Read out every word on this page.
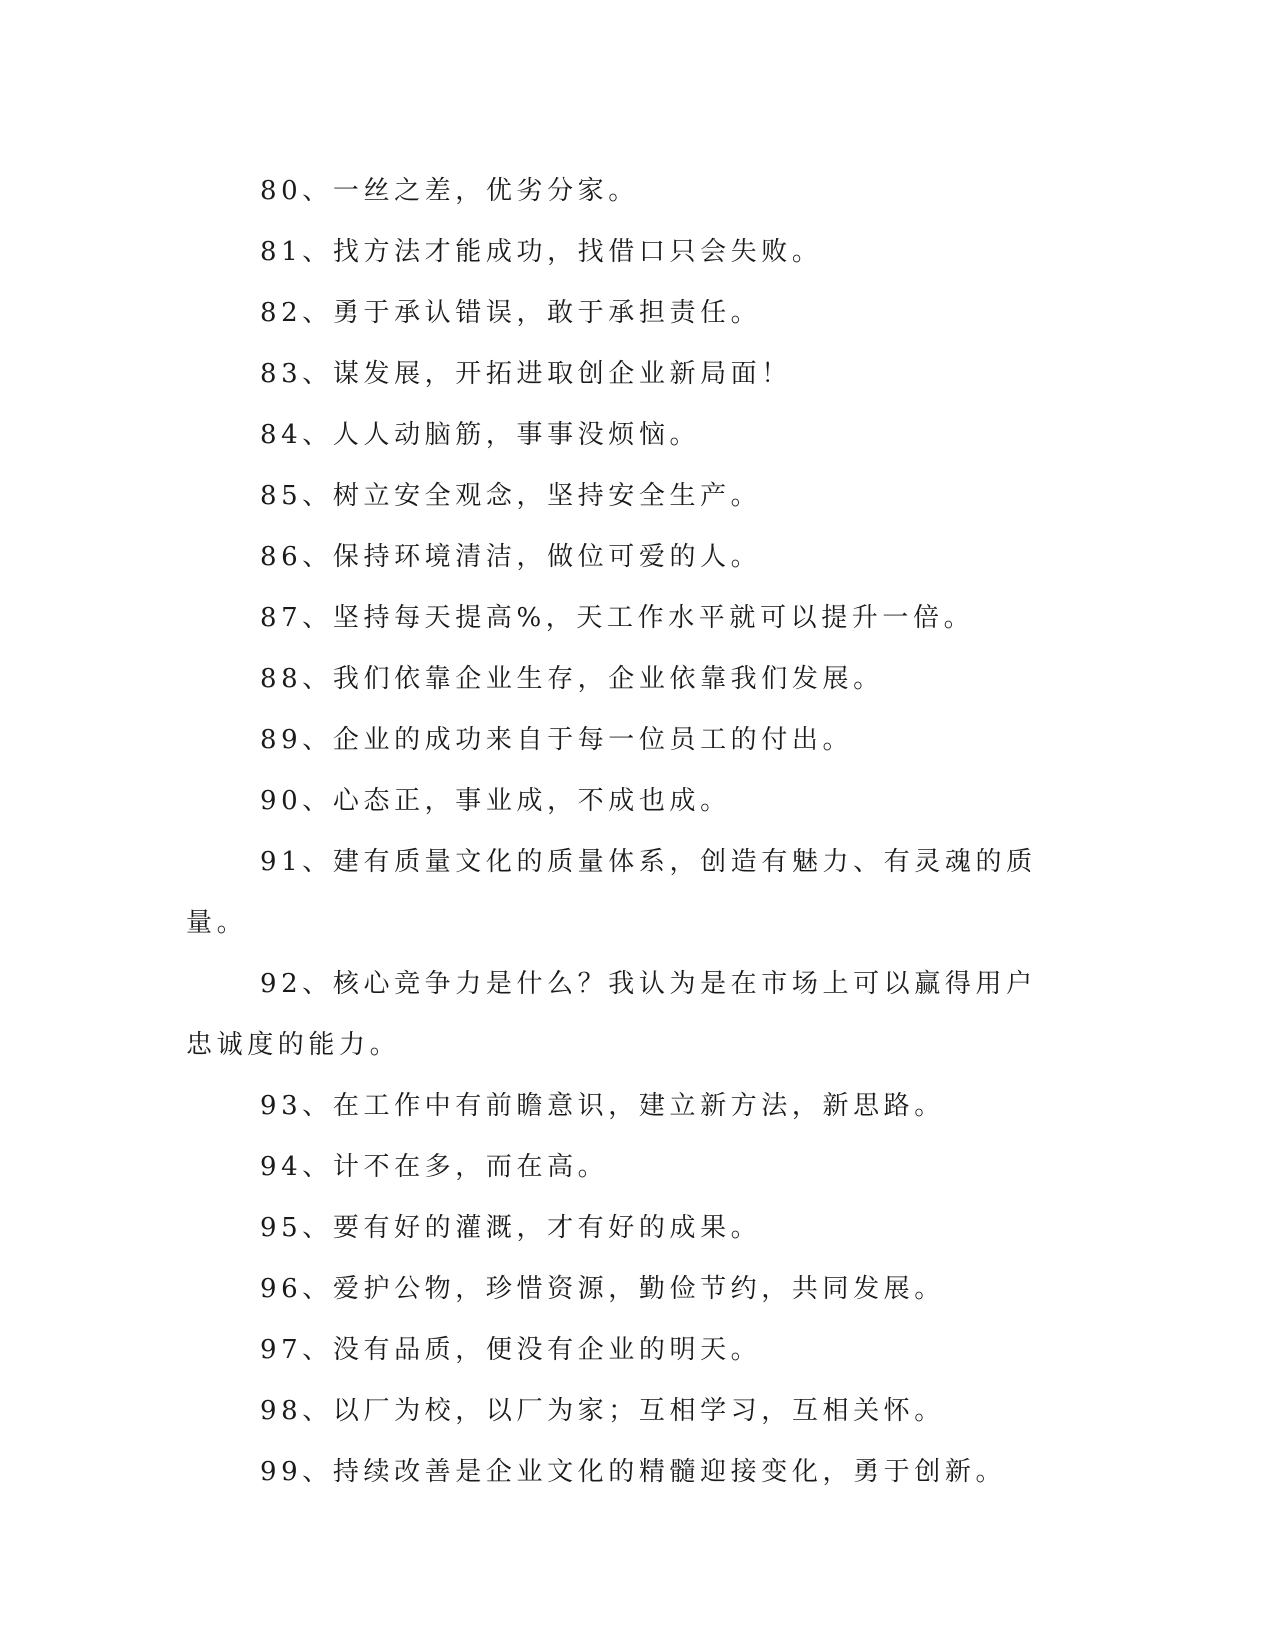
80、一丝之差，优劣分家。

81、找方法才能成功，找借口只会失败。

82、勇于承认错误，敢于承担责任。

83、谋发展，开拓进取创企业新局面！

84、人人动脑筋，事事没烦恼。

85、树立安全观念，坚持安全生产。

86、保持环境清洁，做位可爱的人。

87、坚持每天提高%，天工作水平就可以提升一倍。

88、我们依靠企业生存，企业依靠我们发展。

89、企业的成功来自于每一位员工的付出。

90、心态正，事业成，不成也成。

91、建有质量文化的质量体系，创造有魅力、有灵魂的质量。

92、核心竞争力是什么？我认为是在市场上可以赢得用户忠诚度的能力。

93、在工作中有前瞻意识，建立新方法，新思路。

94、计不在多，而在高。

95、要有好的灌溉，才有好的成果。

96、爱护公物，珍惜资源，勤俭节约，共同发展。

97、没有品质，便没有企业的明天。

98、以厂为校，以厂为家；互相学习，互相关怀。

99、持续改善是企业文化的精髓迎接变化，勇于创新。
